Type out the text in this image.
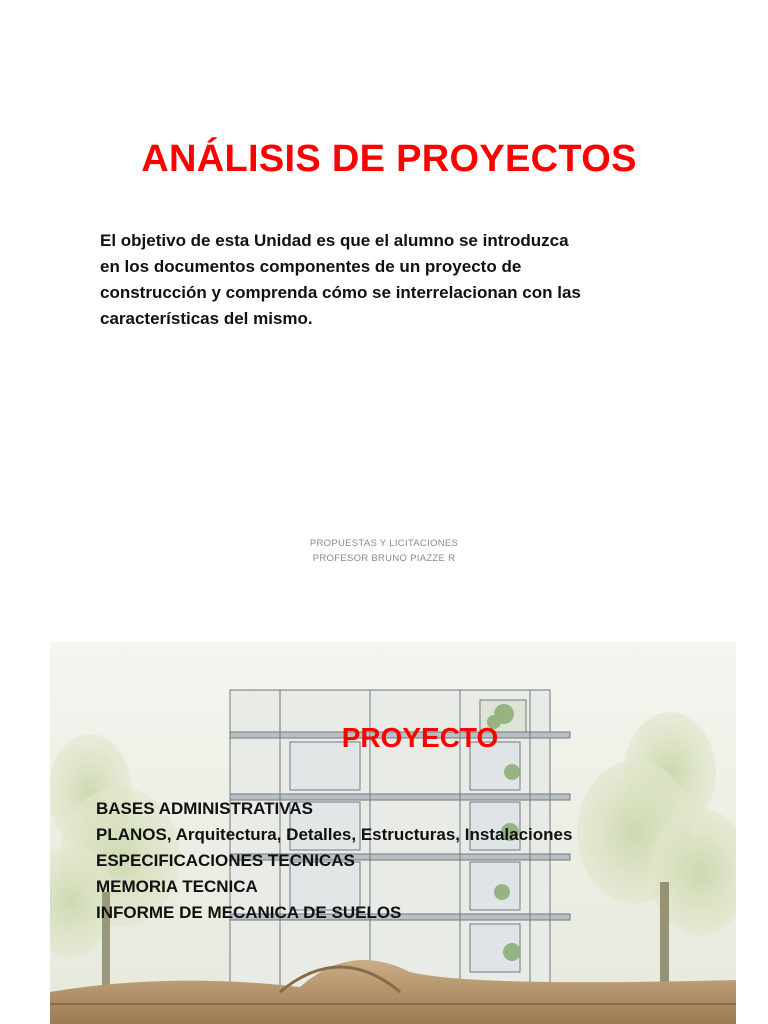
ANÁLISIS DE PROYECTOS
El objetivo de esta Unidad es que el alumno se introduzca
en los documentos componentes de un proyecto de
construcción y comprenda cómo se interrelacionan con las
características del mismo.
PROPUESTAS Y LICITACIONES
PROFESOR BRUNO PIAZZE R
PROYECTO
BASES ADMINISTRATIVAS
PLANOS, Arquitectura, Detalles, Estructuras, Instalaciones
ESPECIFICACIONES TECNICAS
MEMORIA TECNICA
INFORME DE MECANICA DE SUELOS
